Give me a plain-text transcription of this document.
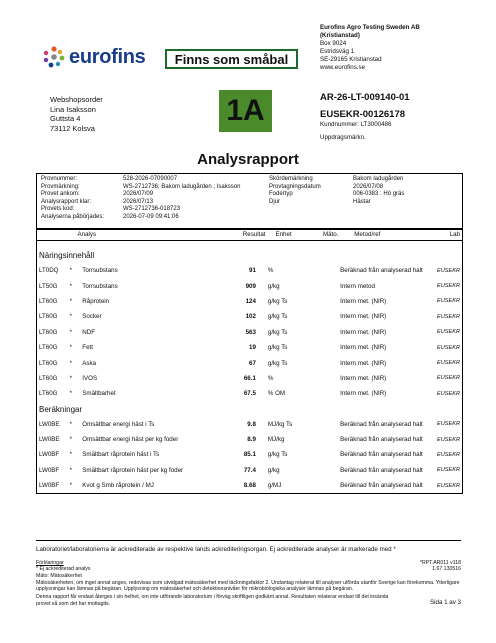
eurofins	Finns som småbal
Eurofins Agro Testing Sweden AB
(Kristianstad)
Box 9024
Estridsväg 1
SE-29165 Kristianstad
www.eurofins.se
Webshopsorder
Lina Isaksson
Guttsta 4
73112 Kolsva
1A	AR-26-LT-009140-01
EUSEKR-00126178
Kundnummer: LT3000486
Uppdragsmärkn.
Analysrapport
Provnummer:	528-2026-07090007
Provmärkning:	WS-2712736; Bakom ladugården ; Isaksson
Provet ankom:	2026/07/09
Analysrapport klar:	2026/07/13
Provets kod:	WS-2712736-018723
Analyserna påbörjades:	2026-07-09 09:41:06
Skördemärkning	Bakom ladugården
Provtagningsdatum	2026/07/08
Fodertyp	006-0383 : Hö gräs
Djur	Hästar
	Analys	Resultat	Enhet	Mäto.	Metod/ref	Lab
Näringsinnehåll							
LT0DQ	*	Torrsubstans	91	%		Beräknad från analyserad halt	EUSEKR
LT50G	*	Torrsubstans	909	g/kg		Intern metod	EUSEKR
LT60G	*	Råprotein	124	g/kg Ts		Intern met. (NIR)	EUSEKR
LT60G	*	Socker	102	g/kg Ts		Intern met. (NIR)	EUSEKR
LT60G	*	NDF	563	g/kg Ts		Intern met. (NIR)	EUSEKR
LT60G	*	Fett	19	g/kg Ts		Intern met. (NIR)	EUSEKR
LT60G	*	Aska	67	g/kg Ts		Intern met. (NIR)	EUSEKR
LT60G	*	IVOS	66.1	%		Intern met. (NIR)	EUSEKR
LT60G	*	Smältbarhet	67.5	% OM		Intern met. (NIR)	EUSEKR
Beräkningar							
LW0BE	*	Omsättbar energi häst i Ts	9.8	MJ/kg Ts		Beräknad från analyserad halt	EUSEKR
LW0BE	*	Omsättbar energi häst per kg foder	8.9	MJ/kg		Beräknad från analyserad halt	EUSEKR
LW0BF	*	Smältbart råprotein häst i Ts	85.1	g/kg Ts		Beräknad från analyserad halt	EUSEKR
LW0BF	*	Smältbart råprotein häst per kg foder	77.4	g/kg		Beräknad från analyserad halt	EUSEKR
LW0BF	*	Kvot g Smb råprotein / MJ	8.68	g/MJ		Beräknad från analyserad halt	EUSEKR
Laboratoriet/laboratorierna är ackrediterade av respektive lands ackrediteringsorgan. Ej ackrediterade analyser är markerade med *
Förklaringar
* Ej ackrediterad analys
Mäto: Mätosäkerhet
*RPT.AR011 v118
1.67 130516
Mätosäkerheten, om inget annat anges, redovisas som utvidgad mätosäkerhet med täckningsfaktor 2. Undantag relaterat till analyser utförda utanför Sverige kan förekomma. Ytterligare upplysningar kan lämnas på begäran. Upplysning om mätosäkerhet och detektionsnivåer för mikrobiologiska analyser lämnas på begäran.
Denna rapport får endast återges i sin helhet, om inte utförande laboratorium i förväg skriftligen godkänt annat. Resultaten relaterar endast till det insända provet så som det har mottagits.	Sida 1 av 3
